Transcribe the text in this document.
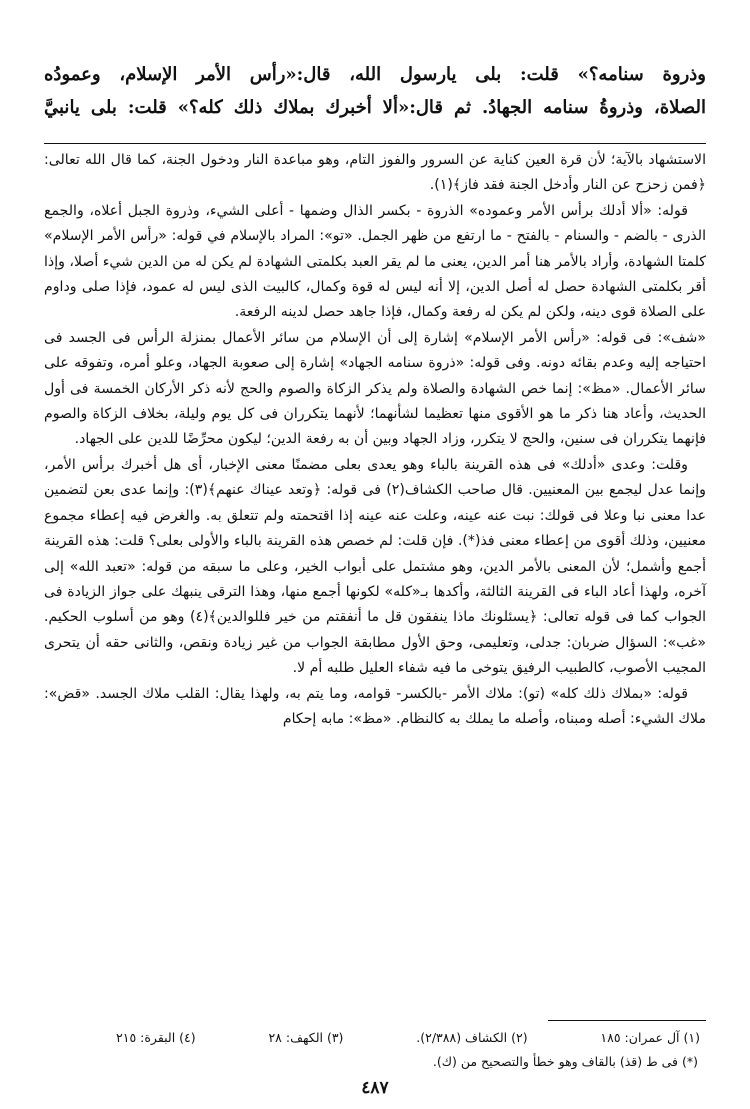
وذروة سنامه؟» قلت: بلى يارسول الله، قال:«رأس الأمر الإسلام، وعمودُه

الصلاة، وذروةُ سنامه الجهادُ. ثم قال:«ألا أخبرك بملاك ذلك كله؟» قلت: بلى يانبيَّ

الاستشهاد بالآية؛ لأن قرة العين كناية عن السرور والفوز التام، وهو مباعدة النار ودخول الجنة، كما قال الله تعالى: ﴿فمن زحزح عن النار وأدخل الجنة فقد فاز﴾(١).

قوله: «ألا أدلك برأس الأمر وعموده» الذروة - بكسر الذال وضمها - أعلى الشيء، وذروة الجبل أعلاه، والجمع الذرى - بالضم - والسنام - بالفتح - ما ارتفع من ظهر الجمل. «تو»: المراد بالإسلام في قوله: «رأس الأمر الإسلام» كلمتا الشهادة، وأراد بالأمر هنا أمر الدين، يعنى ما لم يقر العبد بكلمتى الشهادة لم يكن له من الدين شيء أصلا، وإذا أقر بكلمتى الشهادة حصل له أصل الدين، إلا أنه ليس له قوة وكمال، كالبيت الذى ليس له عمود، فإذا صلى وداوم على الصلاة قوى دينه، ولكن لم يكن له رفعة وكمال، فإذا جاهد حصل لدينه الرفعة.

«شف»: فى قوله: «رأس الأمر الإسلام» إشارة إلى أن الإسلام من سائر الأعمال بمنزلة الرأس فى الجسد فى احتياجه إليه وعدم بقائه دونه. وفى قوله: «ذروة سنامه الجهاد» إشارة إلى صعوبة الجهاد، وعلو أمره، وتفوقه على سائر الأعمال. «مظ»: إنما خص الشهادة والصلاة ولم يذكر الزكاة والصوم والحج لأنه ذكر الأركان الخمسة فى أول الحديث، وأعاد هنا ذكر ما هو الأقوى منها تعظيما لشأنهما؛ لأنهما يتكرران فى كل يوم وليلة، بخلاف الزكاة والصوم فإنهما يتكرران فى سنين، والحج لا يتكرر، وزاد الجهاد وبين أن به رفعة الدين؛ ليكون محرِّضًا للدين على الجهاد.

وقلت: وعدى «أدلك» فى هذه القرينة بالباء وهو يعدى بعلى مضمنًا معنى الإخبار، أى هل أخبرك برأس الأمر، وإنما عدل ليجمع بين المعنيين. قال صاحب الكشاف(٢) فى قوله: ﴿وتعد عيناك عنهم﴾(٣): وإنما عدى بعن لتضمين عدا معنى نبا وعلا فى قولك: نبت عنه عينه، وعلت عنه عينه إذا اقتحمته ولم تتعلق به. والغرض فيه إعطاء مجموع معنيين، وذلك أقوى من إعطاء معنى فذ(*). فإن قلت: لم خصص هذه القرينة بالباء والأولى بعلى؟ قلت: هذه القرينة أجمع وأشمل؛ لأن المعنى بالأمر الدين، وهو مشتمل على أبواب الخير، وعلى ما سبقه من قوله: «تعبد الله» إلى آخره، ولهذا أعاد الباء فى القرينة الثالثة، وأكدها بـ«كله» لكونها أجمع منها، وهذا الترقى ينبهك على جواز الزيادة فى الجواب كما فى قوله تعالى: ﴿يسئلونك ماذا ينفقون قل ما أنفقتم من خير فللوالدين﴾(٤) وهو من أسلوب الحكيم. «غب»: السؤال ضربان: جدلى، وتعليمى، وحق الأول مطابقة الجواب من غير زيادة ونقص، والثانى حقه أن يتحرى المجيب الأصوب، كالطبيب الرفيق يتوخى ما فيه شفاء العليل طلبه أم لا.

قوله: «بملاك ذلك كله» (تو): ملاك الأمر -بالكسر- قوامه، وما يتم به، ولهذا يقال: القلب ملاك الجسد. «قض»: ملاك الشيء: أصله ومبناه، وأصله ما يملك به كالنظام. «مظ»: مابه إحكام

(١) آل عمران: ١٨٥
(٢) الكشاف (٢/٣٨٨).
(٣) الكهف: ٢٨
(٤) البقرة: ٢١٥
(*) فى ط (قذ) بالقاف وهو خطأ والتصحيح من (ك).
٤٨٧
